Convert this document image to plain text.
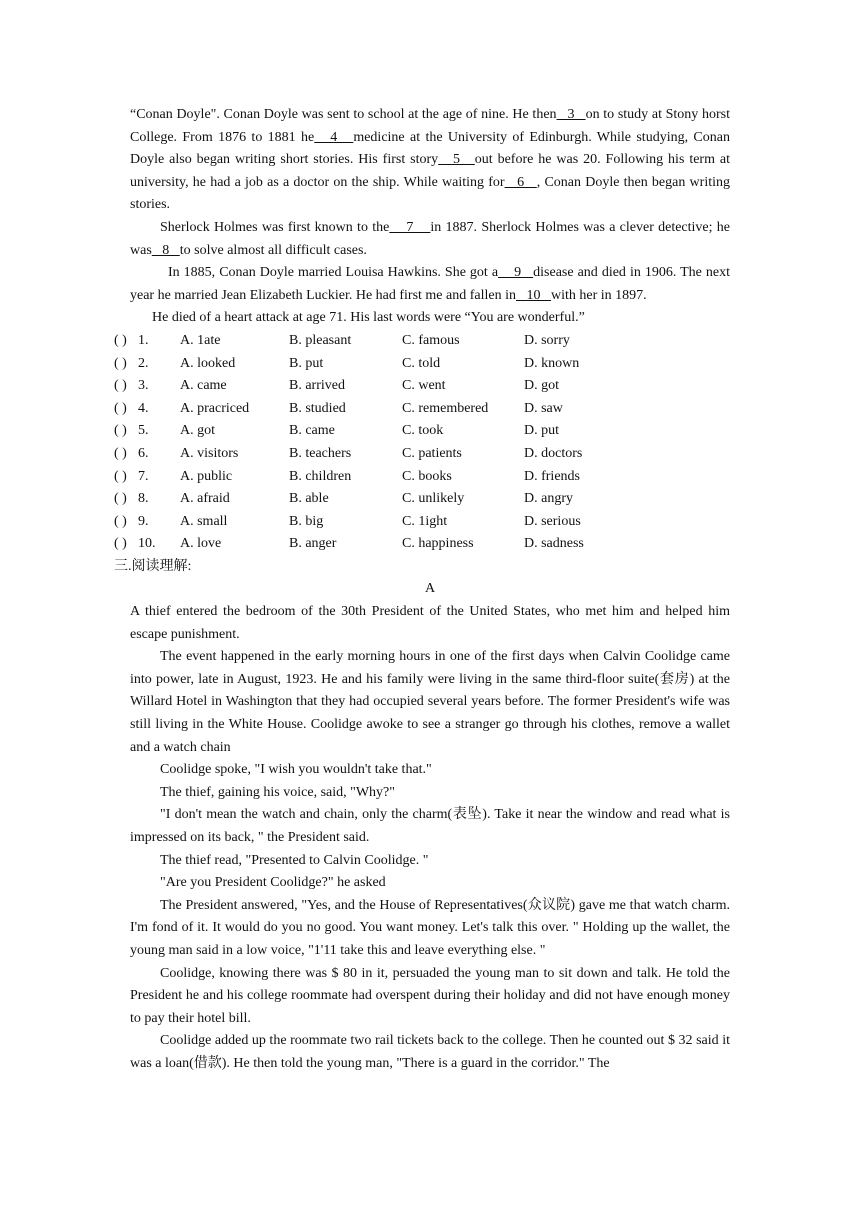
“Conan Doyle". Conan Doyle was sent to school at the age of nine. He then   3   on to study at Stony horst College. From 1876 to 1881 he   4   medicine at the University of Edinburgh. While studying, Conan Doyle also began writing short stories. His first story   5   out before he was 20. Following his term at university, he had a job as a doctor on the ship. While waiting for   6   , Conan Doyle then began writing stories.

Sherlock Holmes was first known to the    7    in 1887. Sherlock Holmes was a clever detective; he was   8   to solve almost all difficult cases.

In 1885, Conan Doyle married Louisa Hawkins. She got a    9   disease and died in 1906. The next year he married Jean Elizabeth Luckier. He had first me and fallen in   10   with her in 1897.

He died of a heart attack at age 71. His last words were “You are wonderful.”

( ) 1. A. 1ate	B. pleasant	C. famous	D. sorry
( ) 2. A. looked	B. put	C. told	D. known
( ) 3. A. came	B. arrived	C. went	D. got
( ) 4. A. pracriced	B. studied	C. remembered	D. saw
( ) 5. A. got	B. came	C. took	D. put
( ) 6. A. visitors	B. teachers	C. patients	D. doctors
( ) 7. A. public	B. children	C. books	D. friends
( ) 8. A. afraid	B. able	C. unlikely	D. angry
( ) 9. A. small	B. big	C. 1ight	D. serious
( ) 10. A. love	B. anger	C. happiness	D. sadness

三.阅读理解:

A

A thief entered the bedroom of the 30th President of the United States, who met him and helped him escape punishment.

The event happened in the early morning hours in one of the first days when Calvin Coolidge came into power, late in August, 1923. He and his family were living in the same third-floor suite(套房) at the Willard Hotel in Washington that they had occupied several years before. The former President's wife was still living in the White House. Coolidge awoke to see a stranger go through his clothes, remove a wallet and a watch chain

Coolidge spoke, "I wish you wouldn't take that."

The thief, gaining his voice, said, "Why?"

"I don't mean the watch and chain, only the charm(表坠). Take it near the window and read what is impressed on its back, " the President said.

The thief read, "Presented to Calvin Coolidge. "

"Are you President Coolidge?" he asked

The President answered, "Yes, and the House of Representatives(众议院) gave me that watch charm. I'm fond of it. It would do you no good. You want money. Let's talk this over. " Holding up the wallet, the young man said in a low voice, "1'11 take this and leave everything else. "

Coolidge, knowing there was $ 80 in it, persuaded the young man to sit down and talk. He told the President he and his college roommate had overspent during their holiday and did not have enough money to pay their hotel bill.

Coolidge added up the roommate two rail tickets back to the college. Then he counted out $ 32 said it was a loan(借款). He then told the young man, "There is a guard in the corridor." The
